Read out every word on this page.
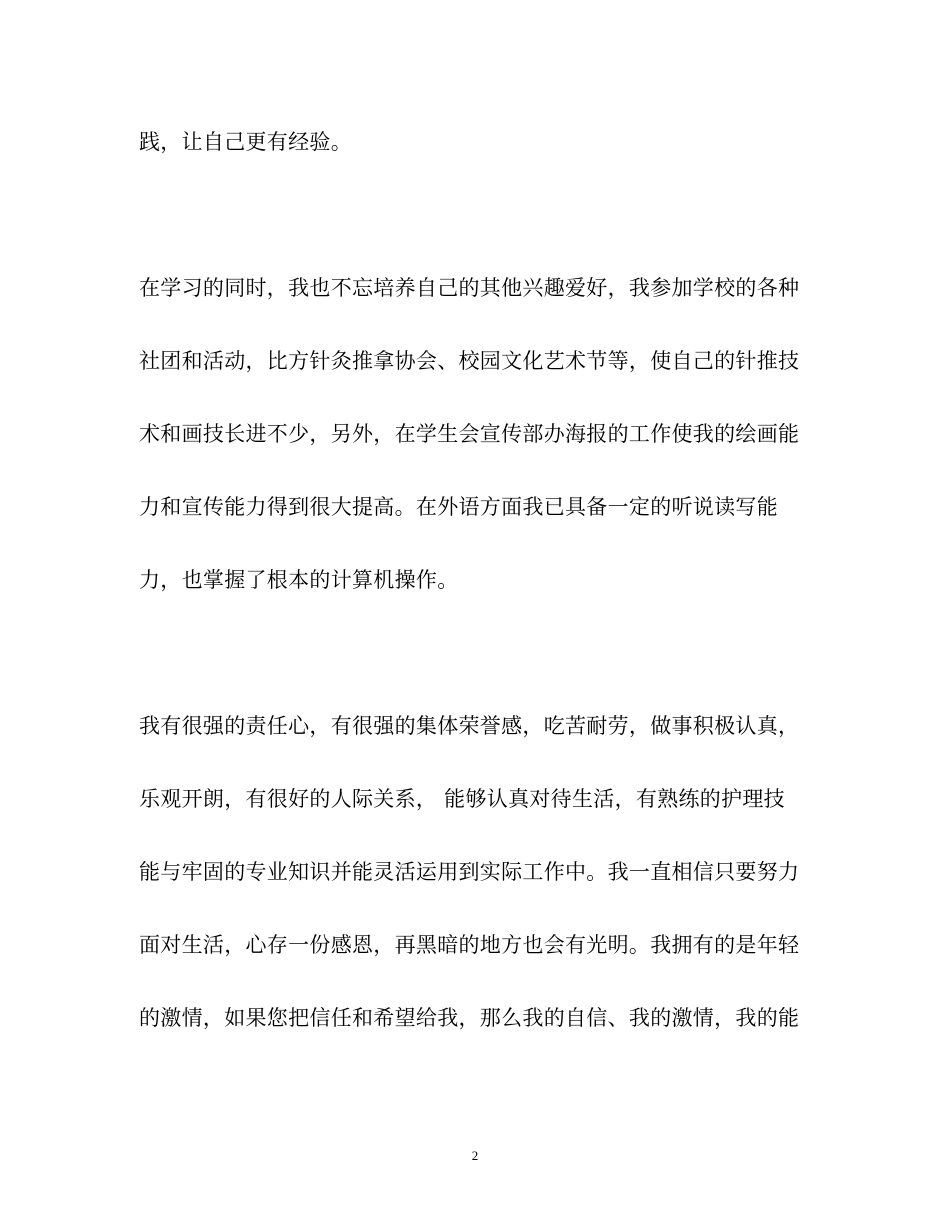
践，让自己更有经验。
在学习的同时，我也不忘培养自己的其他兴趣爱好，我参加学校的各种
社团和活动，比方针灸推拿协会、校园文化艺术节等，使自己的针推技
术和画技长进不少，另外，在学生会宣传部办海报的工作使我的绘画能
力和宣传能力得到很大提高。在外语方面我已具备一定的听说读写能
力，也掌握了根本的计算机操作。
我有很强的责任心，有很强的集体荣誉感，吃苦耐劳，做事积极认真，
乐观开朗，有很好的人际关系， 能够认真对待生活，有熟练的护理技
能与牢固的专业知识并能灵活运用到实际工作中。我一直相信只要努力
面对生活，心存一份感恩，再黑暗的地方也会有光明。我拥有的是年轻
的激情，如果您把信任和希望给我，那么我的自信、我的激情，我的能
2
